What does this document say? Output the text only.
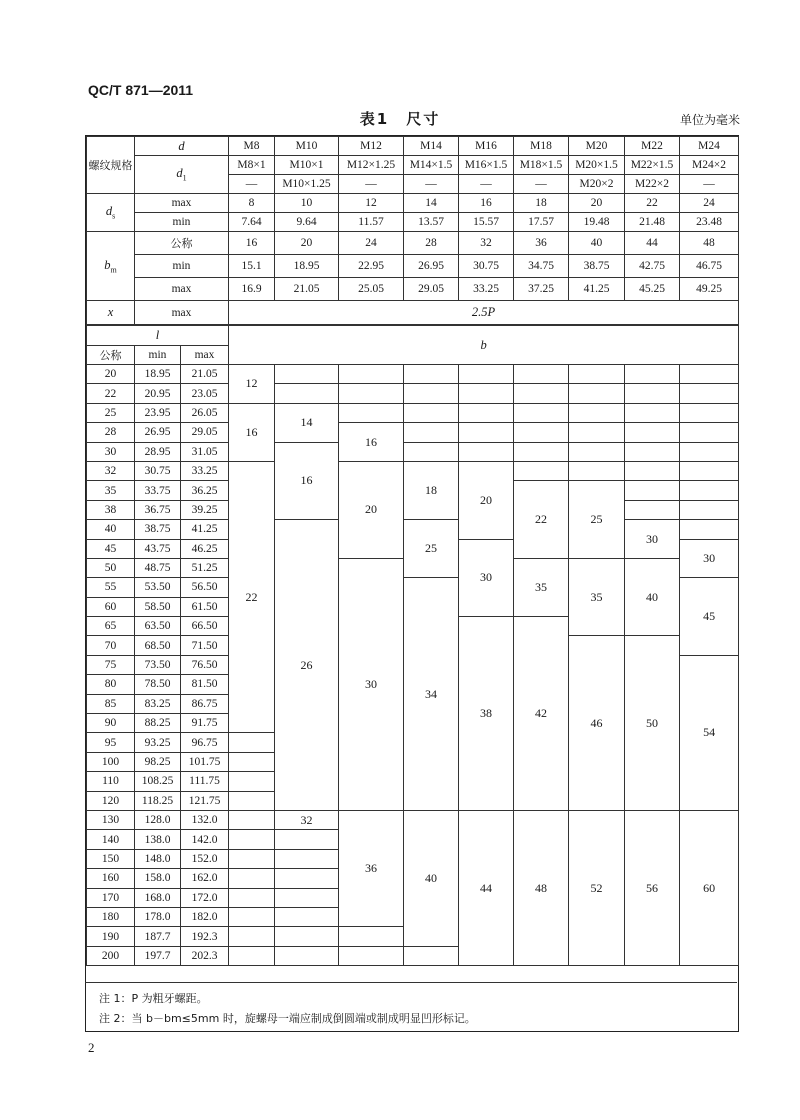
QC/T 871—2011
表1　尺寸	单位为毫米
螺纹规格	d	M8	M10	M12	M14	M16	M18	M20	M22	M24
	$d_1$	M8×1	M10×1	M12×1.25	M14×1.5	M16×1.5	M18×1.5	M20×1.5	M22×1.5	M24×2
		—	M10×1.25	—	—	—	—	M20×2	M22×2	—
$d_s$	max	8	10	12	14	16	18	20	22	24
	min	7.64	9.64	11.57	13.57	15.57	17.57	19.48	21.48	23.48
$b_m$	公称	16	20	24	28	32	36	40	44	48
	min	15.1	18.95	22.95	26.95	30.75	34.75	38.75	42.75	46.75
	max	16.9	21.05	25.05	29.05	33.25	37.25	41.25	45.25	49.25
x	max	2.5P								
l			b								
公称	min	max									
20	18.95	21.05	12								
22	20.95	23.05									
25	23.95	26.05	16	14							
28	26.95	29.05			16						
30	28.95	31.05		16							
32	30.75	33.25	22		20	18	20				
35	33.75	36.25						22	25		
38	36.75	39.25									
40	38.75	41.25		26		25				30	
45	43.75	46.25					30				30
50	48.75	51.25			30			35	35	40	
55	53.50	56.50				34					45
60	58.50	61.50									
65	63.50	66.50					38	42			
70	68.50	71.50							46	50	
75	73.50	76.50									54
80	78.50	81.50									
85	83.25	86.75									
90	88.25	91.75									
95	93.25	96.75									
100	98.25	101.75									
110	108.25	111.75									
120	118.25	121.75									
130	128.0	132.0		32	36	40	44	48	52	56	60
140	138.0	142.0									
150	148.0	152.0									
160	158.0	162.0									
170	168.0	172.0									
180	178.0	182.0									
190	187.7	192.3									
200	197.7	202.3									
注 1：P 为粗牙螺距。
注 2：当 b－bm≤5mm 时，旋螺母一端应制成倒圆端或制成明显凹形标记。
2
